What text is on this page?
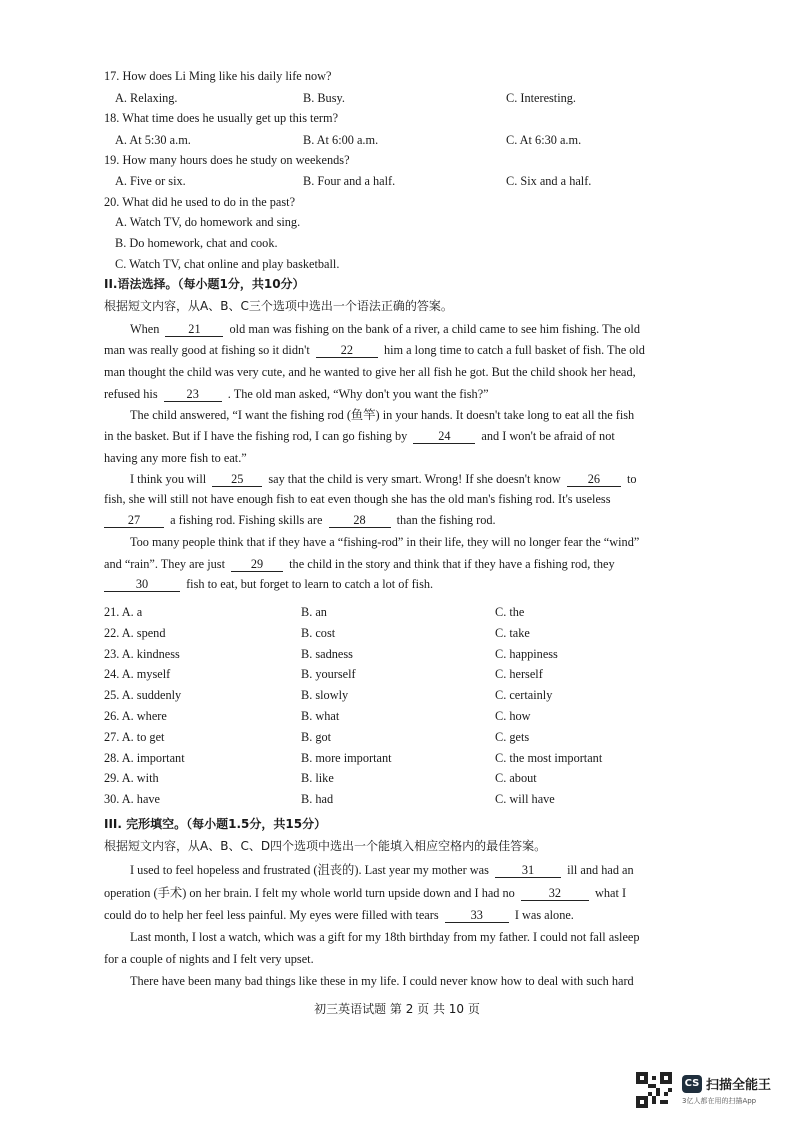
17. How does Li Ming like his daily life now?
A. Relaxing.	B. Busy.	C. Interesting.
18. What time does he usually get up this term?
A. At 5:30 a.m.	B. At 6:00 a.m.	C. At 6:30 a.m.
19. How many hours does he study on weekends?
A. Five or six.	B. Four and a half.	C. Six and a half.
20. What did he used to do in the past?
A. Watch TV, do homework and sing.
B. Do homework, chat and cook.
C. Watch TV, chat online and play basketball.
II.语法选择。（每小题1分，共10分）
根据短文内容，从A、B、C三个选项中选出一个语法正确的答案。
When 21 old man was fishing on the bank of a river, a child came to see him fishing. The old
man was really good at fishing so it didn't	22	him a long time to catch a full basket of fish. The old
man thought the child was very cute, and he wanted to give her all fish he got. But the child shook her head,
refused his 23 . The old man asked, “Why don't you want the fish?”
The child answered, “I want the fishing rod (鱼竿) in your hands. It doesn't take long to eat all the fish
in the basket. But if I have the fishing rod, I can go fishing by	24	and I won't be afraid of not
having any more fish to eat.”
I think you will 25 say that the child is very smart. Wrong! If she doesn't know 26 to
fish, she will still not have enough fish to eat even though she has the old man's fishing rod. It's useless
27 a fishing rod. Fishing skills are	28	than the fishing rod.
Too many people think that if they have a “fishing-rod” in their life, they will no longer fear the “wind”
and “rain”. They are just 29 the child in the story and think that if they have a fishing rod, they
30	fish to eat, but forget to learn to catch a lot of fish.
21. A. a	B. an	C. the
22. A. spend	B. cost	C. take
23. A. kindness	B. sadness	C. happiness
24. A. myself	B. yourself	C. herself
25. A. suddenly	B. slowly	C. certainly
26. A. where	B. what	C. how
27. A. to get	B. got	C. gets
28. A. important	B. more important	C. the most important
29. A. with	B. like	C. about
30. A. have	B. had	C. will have
III. 完形填空。（每小题1.5分，共15分）
根据短文内容，从A、B、C、D四个选项中选出一个能填入相应空格内的最佳答案。
I used to feel hopeless and frustrated (沮丧的). Last year my mother was	31	ill and had an
operation (手术) on her brain. I felt my whole world turn upside down and I had no	32	what I
could do to help her feel less painful. My eyes were filled with tears	33	I was alone.
Last month, I lost a watch, which was a gift for my 18th birthday from my father. I could not fall asleep
for a couple of nights and I felt very upset.
There have been many bad things like these in my life. I could never know how to deal with such hard
初三英语试题 第 2 页 共 10 页
CS 扫描全能王
3亿人都在用的扫描App
